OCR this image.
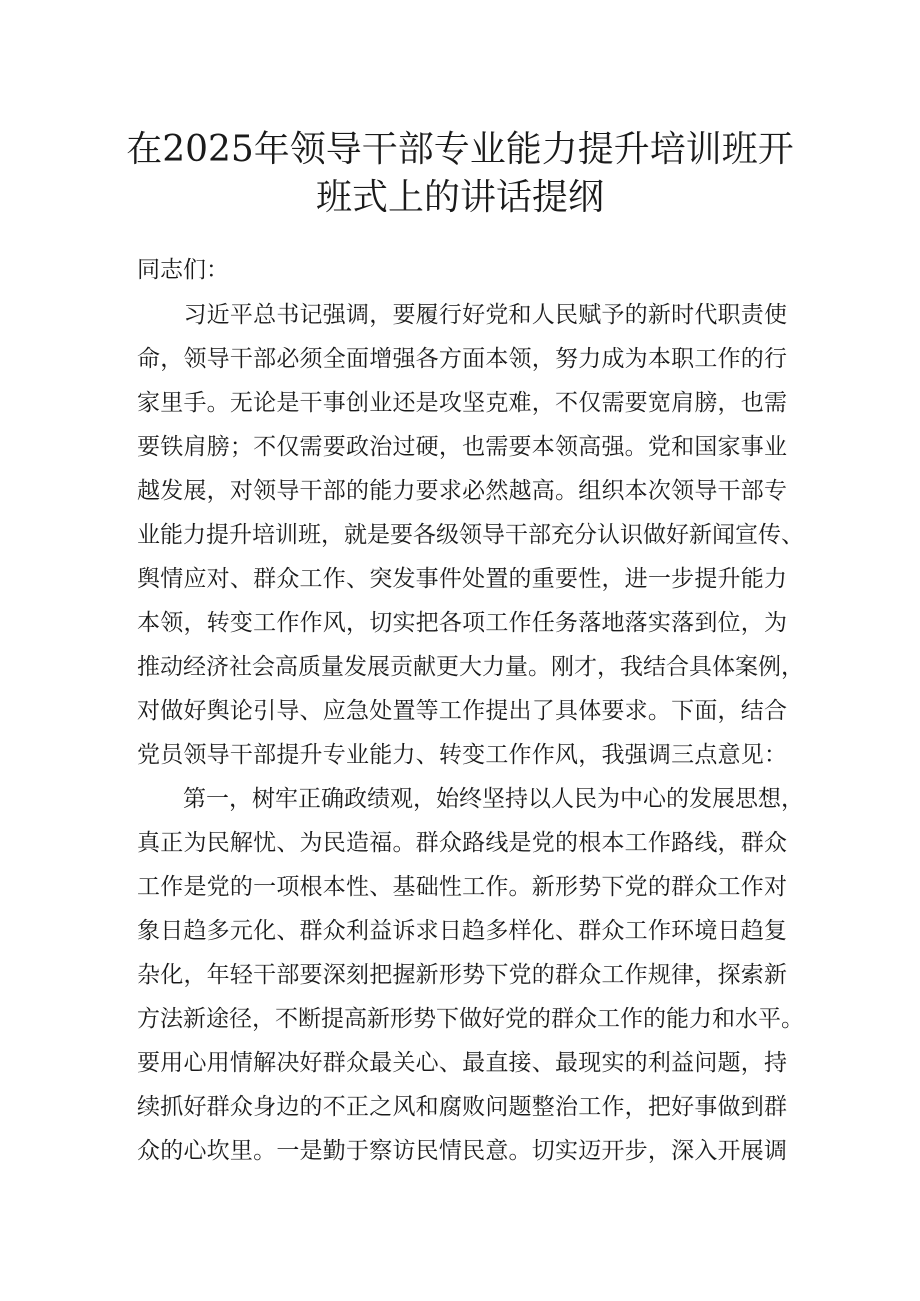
在2025年领导干部专业能力提升培训班开
班式上的讲话提纲
同志们：
　　习近平总书记强调，要履行好党和人民赋予的新时代职责使
命，领导干部必须全面增强各方面本领，努力成为本职工作的行
家里手。无论是干事创业还是攻坚克难，不仅需要宽肩膀，也需
要铁肩膀；不仅需要政治过硬，也需要本领高强。党和国家事业
越发展，对领导干部的能力要求必然越高。组织本次领导干部专
业能力提升培训班，就是要各级领导干部充分认识做好新闻宣传、
舆情应对、群众工作、突发事件处置的重要性，进一步提升能力
本领，转变工作作风，切实把各项工作任务落地落实落到位，为
推动经济社会高质量发展贡献更大力量。刚才，我结合具体案例，
对做好舆论引导、应急处置等工作提出了具体要求。下面，结合
党员领导干部提升专业能力、转变工作作风，我强调三点意见：
　　第一，树牢正确政绩观，始终坚持以人民为中心的发展思想，
真正为民解忧、为民造福。群众路线是党的根本工作路线，群众
工作是党的一项根本性、基础性工作。新形势下党的群众工作对
象日趋多元化、群众利益诉求日趋多样化、群众工作环境日趋复
杂化，年轻干部要深刻把握新形势下党的群众工作规律，探索新
方法新途径，不断提高新形势下做好党的群众工作的能力和水平。
要用心用情解决好群众最关心、最直接、最现实的利益问题，持
续抓好群众身边的不正之风和腐败问题整治工作，把好事做到群
众的心坎里。一是勤于察访民情民意。切实迈开步，深入开展调
